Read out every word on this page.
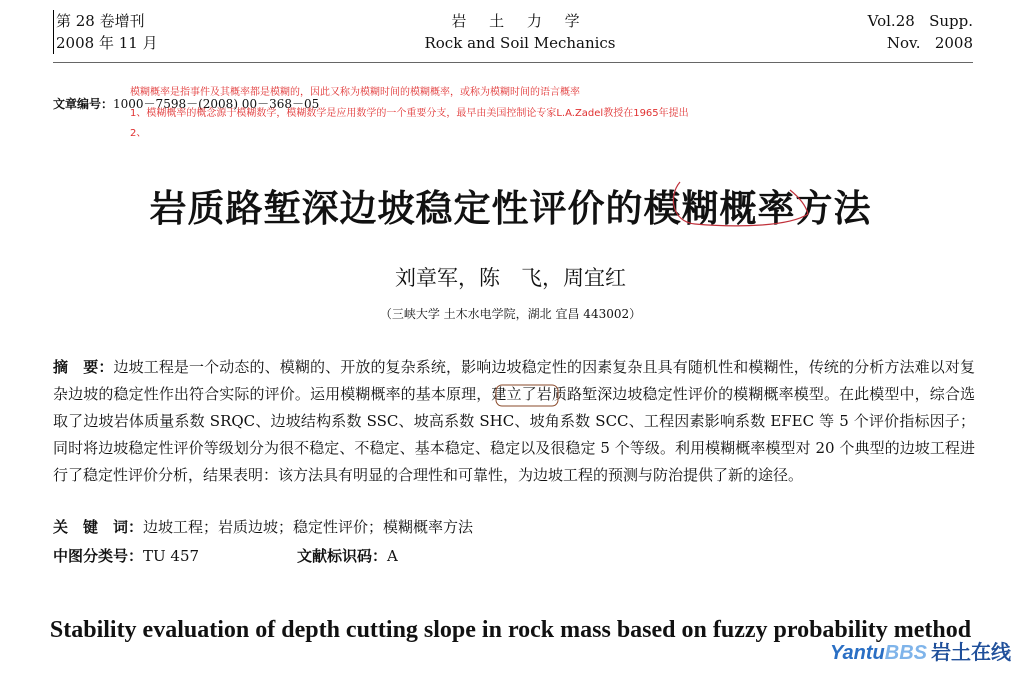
第 28 卷增刊
2008 年 11 月
岩 土 力 学
Rock and Soil Mechanics
Vol.28   Supp.
Nov.   2008
模糊概率是指事件及其概率都是模糊的，因此又称为模糊时间的模糊概率，或称为模糊时间的语言概率
文章编号：1000－7598－(2008) 00－368－05
1、模糊概率的概念源于模糊数学，模糊数学是应用数学的一个重要分支，最早由美国控制论专家L.A.Zadel教授在1965年提出
2、
岩质路堑深边坡稳定性评价的模糊概率方法
刘章军，陈　飞，周宜红
（三峡大学 土木水电学院，湖北 宜昌 443002）
摘　要：边坡工程是一个动态的、模糊的、开放的复杂系统，影响边坡稳定性的因素复杂且具有随机性和模糊性，传统的分析方法难以对复杂边坡的稳定性作出符合实际的评价。运用模糊概率的基本原理，建立了岩质路堑深边坡稳定性评价的模糊概率模型。在此模型中，综合选取了边坡岩体质量系数 SRQC、边坡结构系数 SSC、坡高系数 SHC、坡角系数 SCC、工程因素影响系数 EFEC 等 5 个评价指标因子；同时将边坡稳定性评价等级划分为很不稳定、不稳定、基本稳定、稳定以及很稳定 5 个等级。利用模糊概率模型对 20 个典型的边坡工程进行了稳定性评价分析，结果表明：该方法具有明显的合理性和可靠性，为边坡工程的预测与防治提供了新的途径。
关　键　词：边坡工程；岩质边坡；稳定性评价；模糊概率方法
中图分类号：TU 457	文献标识码：A
Stability evaluation of depth cutting slope in rock mass based on fuzzy probability method
YantuBBS 岩土在线
